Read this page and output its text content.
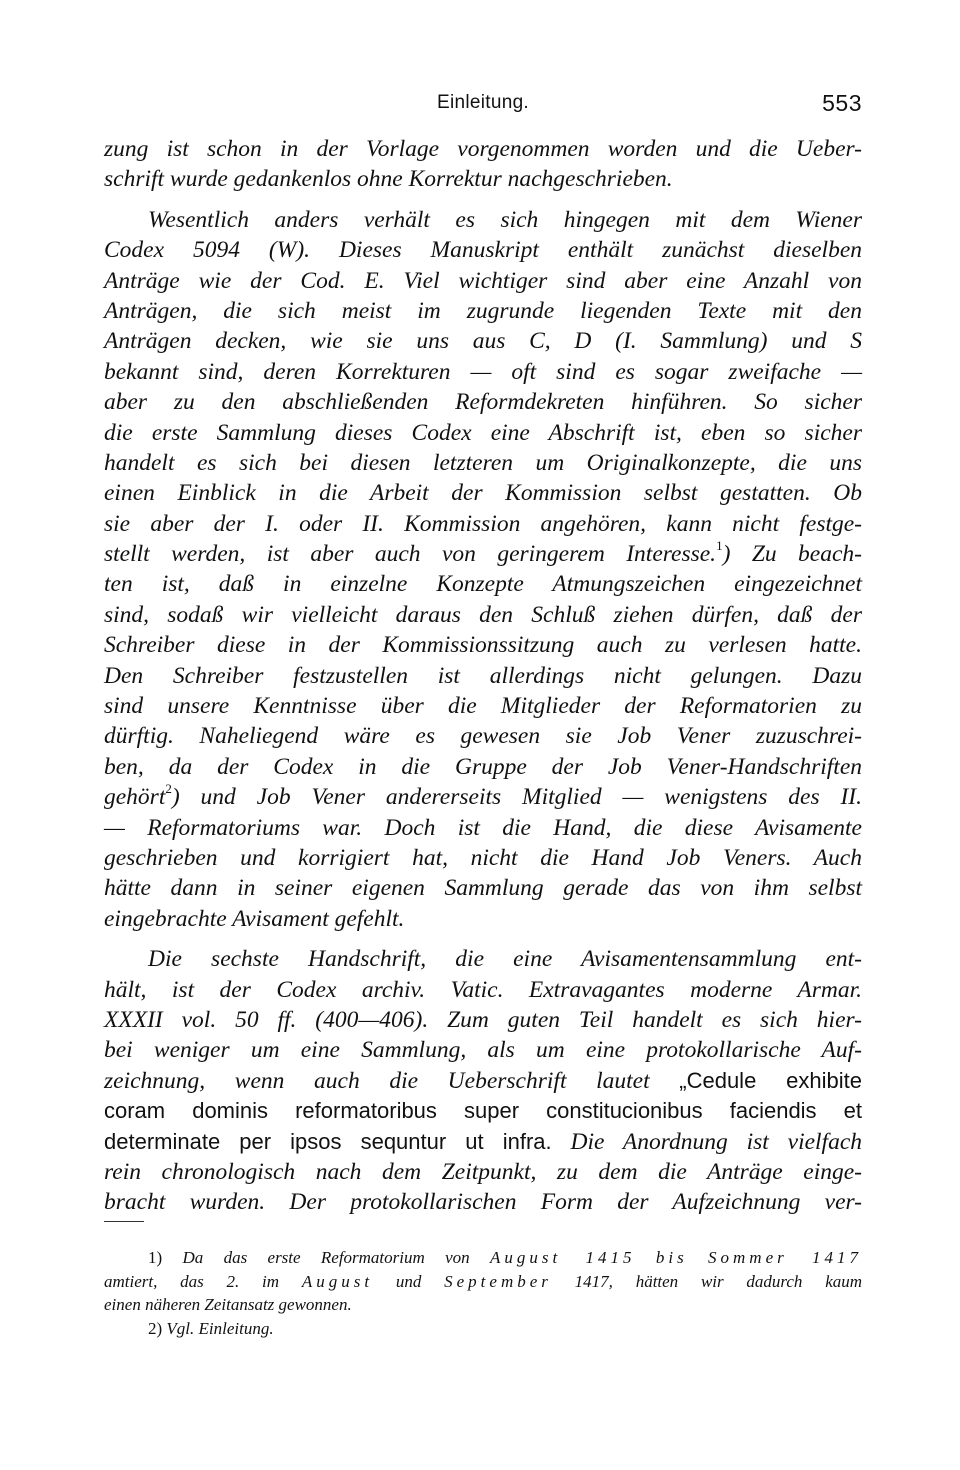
Einleitung.	553
zung ist schon in der Vorlage vorgenommen worden und die Ueber-
schrift wurde gedankenlos ohne Korrektur nachgeschrieben.
Wesentlich anders verhält es sich hingegen mit dem Wiener
Codex 5094 (W). Dieses Manuskript enthält zunächst dieselben
Anträge wie der Cod. E. Viel wichtiger sind aber eine Anzahl von
Anträgen, die sich meist im zugrunde liegenden Texte mit den
Anträgen decken, wie sie uns aus C, D (I. Sammlung) und S
bekannt sind, deren Korrekturen — oft sind es sogar zweifache —
aber zu den abschließenden Reformdekreten hinführen. So sicher
die erste Sammlung dieses Codex eine Abschrift ist, eben so sicher
handelt es sich bei diesen letzteren um Originalkonzepte, die uns
einen Einblick in die Arbeit der Kommission selbst gestatten. Ob
sie aber der I. oder II. Kommission angehören, kann nicht festge-
stellt werden, ist aber auch von geringerem Interesse.$^1$) Zu beach-
ten ist, daß in einzelne Konzepte Atmungszeichen eingezeichnet
sind, sodaß wir vielleicht daraus den Schluß ziehen dürfen, daß der
Schreiber diese in der Kommissionssitzung auch zu verlesen hatte.
Den Schreiber festzustellen ist allerdings nicht gelungen. Dazu
sind unsere Kenntnisse über die Mitglieder der Reformatorien zu
dürftig. Naheliegend wäre es gewesen sie Job Vener zuzuschrei-
ben, da der Codex in die Gruppe der Job Vener-Handschriften
gehört$^2$) und Job Vener andererseits Mitglied — wenigstens des II.
— Reformatoriums war. Doch ist die Hand, die diese Avisamente
geschrieben und korrigiert hat, nicht die Hand Job Veners. Auch
hätte dann in seiner eigenen Sammlung gerade das von ihm selbst
eingebrachte Avisament gefehlt.
Die sechste Handschrift, die eine Avisamentensammlung ent-
hält, ist der Codex archiv. Vatic. Extravagantes moderne Armar.
XXXII vol. 50 ff. (400—406). Zum guten Teil handelt es sich hier-
bei weniger um eine Sammlung, als um eine protokollarische Auf-
zeichnung, wenn auch die Ueberschrift lautet „Cedule exhibite
coram dominis reformatoribus super constitucionibus faciendis et
determinate per ipsos sequntur ut infra. Die Anordnung ist vielfach
rein chronologisch nach dem Zeitpunkt, zu dem die Anträge einge-
bracht wurden. Der protokollarischen Form der Aufzeichnung ver-
1) Da das erste Reformatorium von August 1415 bis Sommer 1417
amtiert, das 2. im August und September 1417, hätten wir dadurch kaum
einen näheren Zeitansatz gewonnen.
2) Vgl. Einleitung.
